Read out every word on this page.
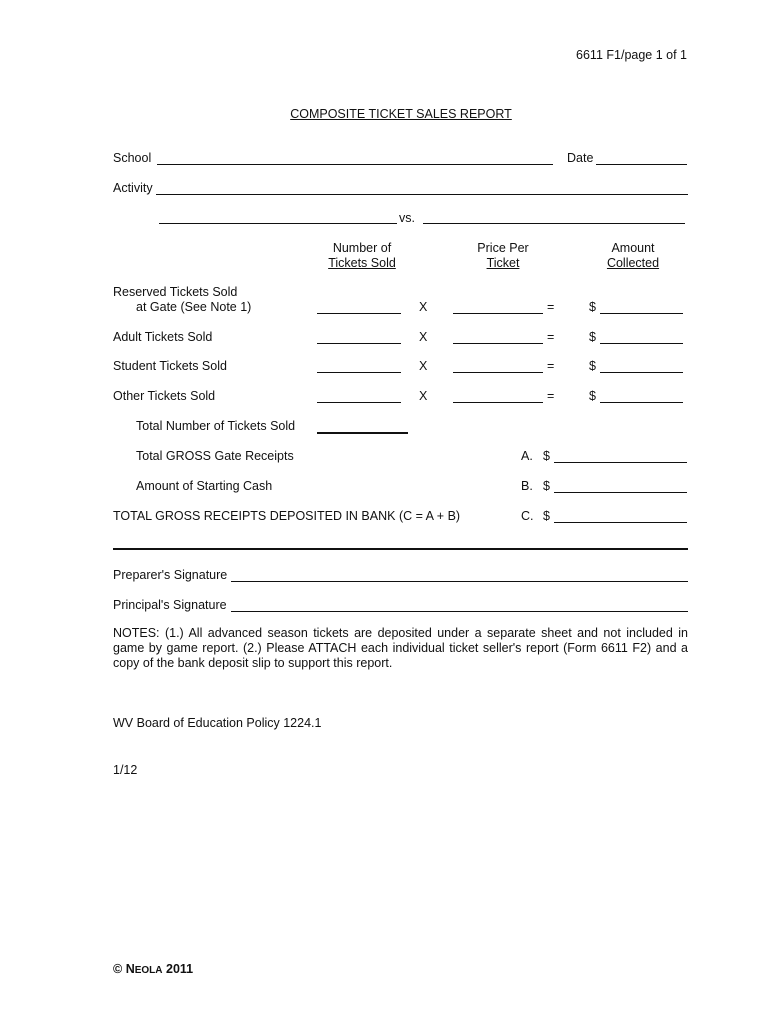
6611 F1/page 1 of 1
COMPOSITE TICKET SALES REPORT
School	Date
Activity
vs.
Number of
Tickets Sold
Price Per
Ticket
Amount
Collected
Reserved Tickets Sold
at Gate (See Note 1)	X	=	$
Adult Tickets Sold	X	=	$
Student Tickets Sold	X	=	$
Other Tickets Sold	X	=	$
Total Number of Tickets Sold
Total GROSS Gate Receipts	A. $
Amount of Starting Cash	B. $
TOTAL GROSS RECEIPTS DEPOSITED IN BANK (C = A + B)	C. $
Preparer's Signature
Principal's Signature
NOTES: (1.) All advanced season tickets are deposited under a separate sheet and not included in game by game report. (2.) Please ATTACH each individual ticket seller's report (Form 6611 F2) and a copy of the bank deposit slip to support this report.
WV Board of Education Policy 1224.1
1/12
© NEOLA 2011
